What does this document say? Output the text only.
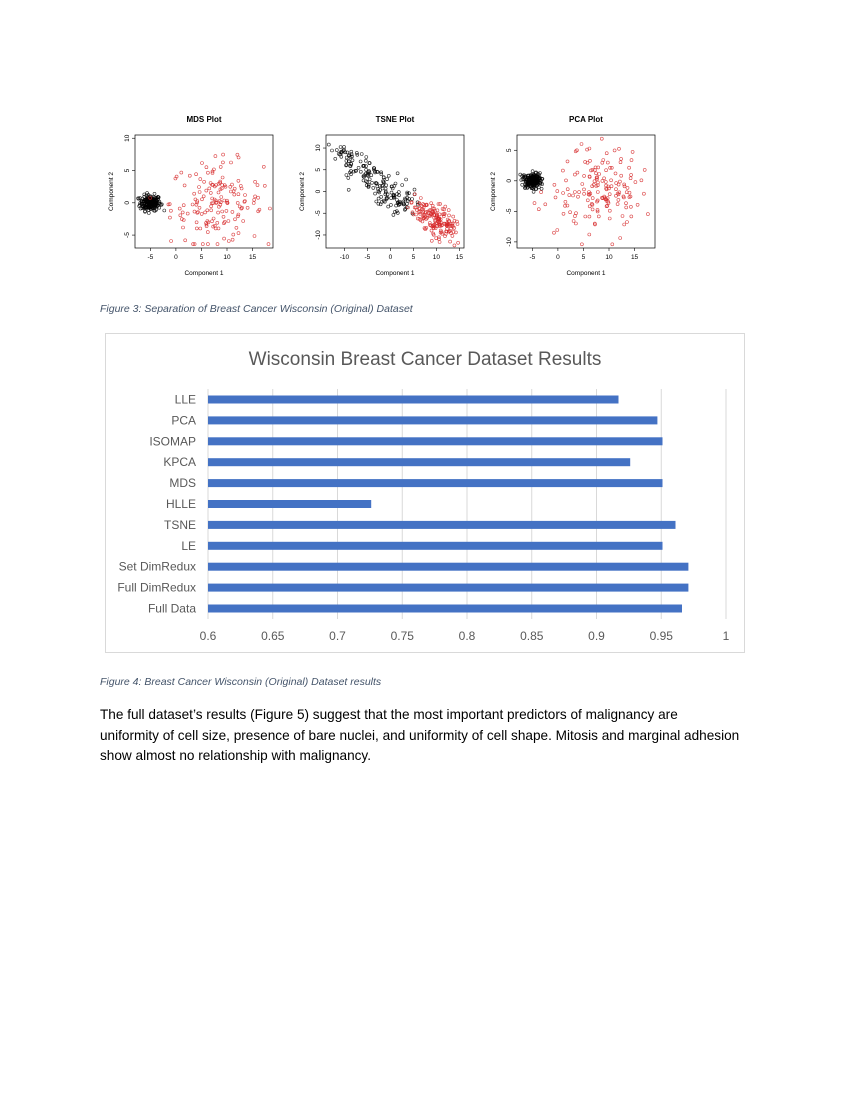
MDS Plot
-5	0	5	10	15
-5
0
5
10
Component 1
Component 2
TSNE Plot
-10 -5	0	5	10 15
-10
-5
0
5
10
Component 1
Component 2
PCA Plot
-5	0	5	10	15
-10
-5
0
5
Component 1
Component 2

Figure 3: Separation of Breast Cancer Wisconsin (Original) Dataset

Wisconsin Breast Cancer Dataset Results
0.6	0.65	0.7	0.75	0.8	0.85	0.9	0.95	1
LLE
PCA
ISOMAP
KPCA
MDS
HLLE
TSNE
LE
Set DimRedux
Full DimRedux
Full Data

Figure 4: Breast Cancer Wisconsin (Original) Dataset results

The full dataset’s results (Figure 5) suggest that the most important predictors of malignancy are uniformity of cell size, presence of bare nuclei, and uniformity of cell shape. Mitosis and marginal adhesion show almost no relationship with malignancy.
